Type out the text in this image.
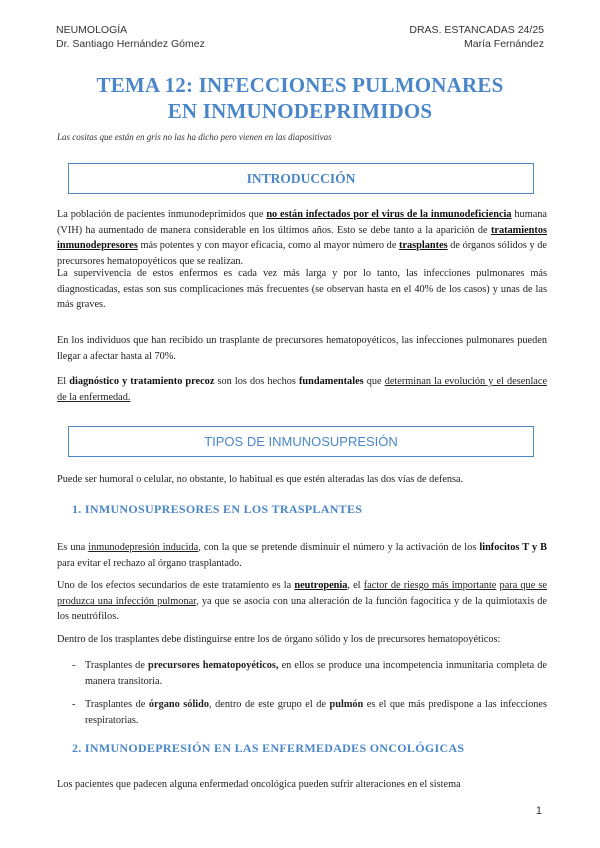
NEUMOLOGÍA
Dr. Santiago Hernández Gómez
DRAS. ESTANCADAS 24/25
María Fernández
TEMA 12: INFECCIONES PULMONARES
EN INMUNODEPRIMIDOS
Las cositas que están en gris no las ha dicho pero vienen en las diapositivas
INTRODUCCIÓN
La población de pacientes inmunodeprimidos que no están infectados por el virus de la inmunodeficiencia humana (VIH) ha aumentado de manera considerable en los últimos años. Esto se debe tanto a la aparición de tratamientos inmunodepresores más potentes y con mayor eficacia, como al mayor número de trasplantes de órganos sólidos y de precursores hematopoyéticos que se realizan.
La supervivencia de estos enfermos es cada vez más larga y por lo tanto, las infecciones pulmonares más diagnosticadas, estas son sus complicaciones más frecuentes (se observan hasta en el 40% de los casos) y unas de las más graves.
En los individuos que han recibido un trasplante de precursores hematopoyéticos, las infecciones pulmonares pueden llegar a afectar hasta al 70%.
El diagnóstico y tratamiento precoz son los dos hechos fundamentales que determinan la evolución y el desenlace de la enfermedad.
TIPOS DE INMUNOSUPRESIÓN
Puede ser humoral o celular, no obstante, lo habitual es que estén alteradas las dos vías de defensa.
1. INMUNOSUPRESORES EN LOS TRASPLANTES
Es una inmunodepresión inducida, con la que se pretende disminuir el número y la activación de los linfocitos T y B para evitar el rechazo al órgano trasplantado.
Uno de los efectos secundarios de este tratamiento es la neutropenia, el factor de riesgo más importante para que se produzca una infección pulmonar, ya que se asocia con una alteración de la función fagocítica y de la quimiotaxis de los neutrófilos.
Dentro de los trasplantes debe distinguirse entre los de órgano sólido y los de precursores hematopoyéticos:
- Trasplantes de precursores hematopoyéticos, en ellos se produce una incompetencia inmunitaria completa de manera transitoria.
- Trasplantes de órgano sólido, dentro de este grupo el de pulmón es el que más predispone a las infecciones respiratorias.
2. INMUNODEPRESIÓN EN LAS ENFERMEDADES ONCOLÓGICAS
Los pacientes que padecen alguna enfermedad oncológica pueden sufrir alteraciones en el sistema
1
